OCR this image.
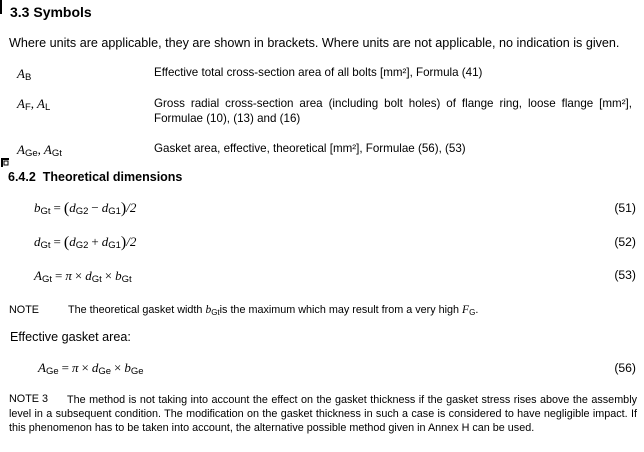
3.3 Symbols
Where units are applicable, they are shown in brackets. Where units are not applicable, no indication is given.
$A_B$	Effective total cross-section area of all bolts [mm²], Formula (41)
$A_F$, $A_L$	Gross radial cross-section area (including bolt holes) of flange ring, loose flange [mm²], Formulae (10), (13) and (16)
$A_{Ge}$, $A_{Gt}$	Gasket area, effective, theoretical [mm²], Formulae (56), (53)
6.4.2 Theoretical dimensions
$b_{Gt} = (d_{G2} - d_{G1})/2$	(51)
$d_{Gt} = (d_{G2} + d_{G1})/2$	(52)
$A_{Gt} = \pi \times d_{Gt} \times b_{Gt}$	(53)
NOTE	The theoretical gasket width $b_{Gt}is$ the maximum which may result from a very high $F_G$.
Effective gasket area:
$A_{Ge} = \pi \times d_{Ge} \times b_{Ge}$	(56)
NOTE 3	The method is not taking into account the effect on the gasket thickness if the gasket stress rises above the assembly level in a subsequent condition. The modification on the gasket thickness in such a case is considered to have negligible impact. If this phenomenon has to be taken into account, the alternative possible method given in Annex H can be used.
